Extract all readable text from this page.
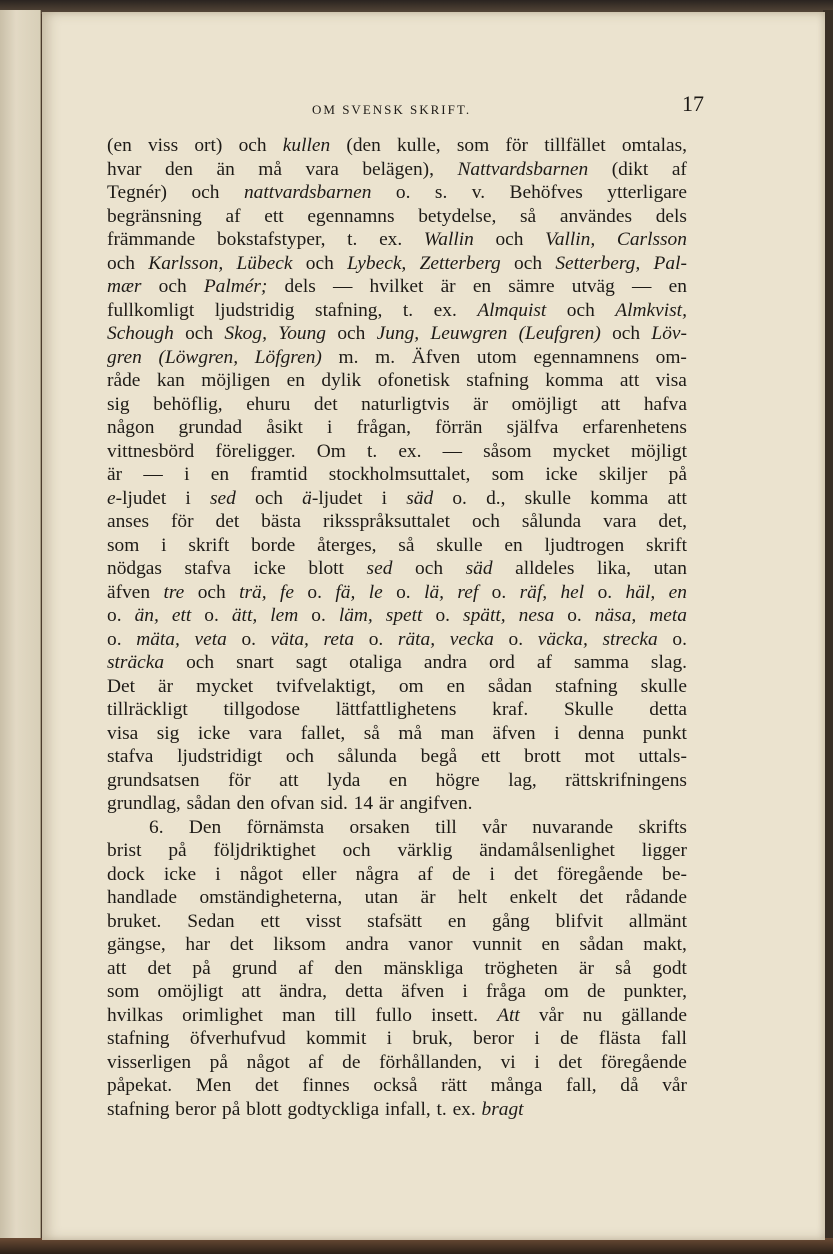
OM SVENSK SKRIFT.	17
(en viss ort) och kullen (den kulle, som för tillfället omtalas,
hvar den än må vara belägen), Nattvardsbarnen (dikt af
Tegnér) och nattvardsbarnen o. s. v. Behöfves ytterligare
begränsning af ett egennamns betydelse, så användes dels
främmande bokstafstyper, t. ex. Wallin och Vallin, Carlsson
och Karlsson, Lübeck och Lybeck, Zetterberg och Setterberg, Pal-
mær och Palmér; dels — hvilket är en sämre utväg — en
fullkomligt ljudstridig stafning, t. ex. Almquist och Almkvist,
Schough och Skog, Young och Jung, Leuwgren (Leufgren) och Löv-
gren (Löwgren, Löfgren) m. m. Äfven utom egennamnens om-
råde kan möjligen en dylik ofonetisk stafning komma att visa
sig behöflig, ehuru det naturligtvis är omöjligt att hafva
någon grundad åsikt i frågan, förrän själfva erfarenhetens
vittnesbörd föreligger. Om t. ex. — såsom mycket möjligt
är — i en framtid stockholmsuttalet, som icke skiljer på
e-ljudet i sed och ä-ljudet i säd o. d., skulle komma att
anses för det bästa riksspråksuttalet och sålunda vara det,
som i skrift borde återges, så skulle en ljudtrogen skrift
nödgas stafva icke blott sed och säd alldeles lika, utan
äfven tre och trä, fe o. fä, le o. lä, ref o. räf, hel o. häl, en
o. än, ett o. ätt, lem o. läm, spett o. spätt, nesa o. näsa, meta
o. mäta, veta o. väta, reta o. räta, vecka o. väcka, strecka o.
sträcka och snart sagt otaliga andra ord af samma slag.
Det är mycket tvifvelaktigt, om en sådan stafning skulle
tillräckligt tillgodose lättfattlighetens kraf. Skulle detta
visa sig icke vara fallet, så må man äfven i denna punkt
stafva ljudstridigt och sålunda begå ett brott mot uttals-
grundsatsen för att lyda en högre lag, rättskrifningens
grundlag, sådan den ofvan sid. 14 är angifven.
6. Den förnämsta orsaken till vår nuvarande skrifts
brist på följdriktighet och värklig ändamålsenlighet ligger
dock icke i något eller några af de i det föregående be-
handlade omständigheterna, utan är helt enkelt det rådande
bruket. Sedan ett visst stafsätt en gång blifvit allmänt
gängse, har det liksom andra vanor vunnit en sådan makt,
att det på grund af den mänskliga trögheten är så godt
som omöjligt att ändra, detta äfven i fråga om de punkter,
hvilkas orimlighet man till fullo insett. Att vår nu gällande
stafning öfverhufvud kommit i bruk, beror i de flästa fall
visserligen på något af de förhållanden, vi i det föregående
påpekat. Men det finnes också rätt många fall, då vår
stafning beror på blott godtyckliga infall, t. ex. bragt
